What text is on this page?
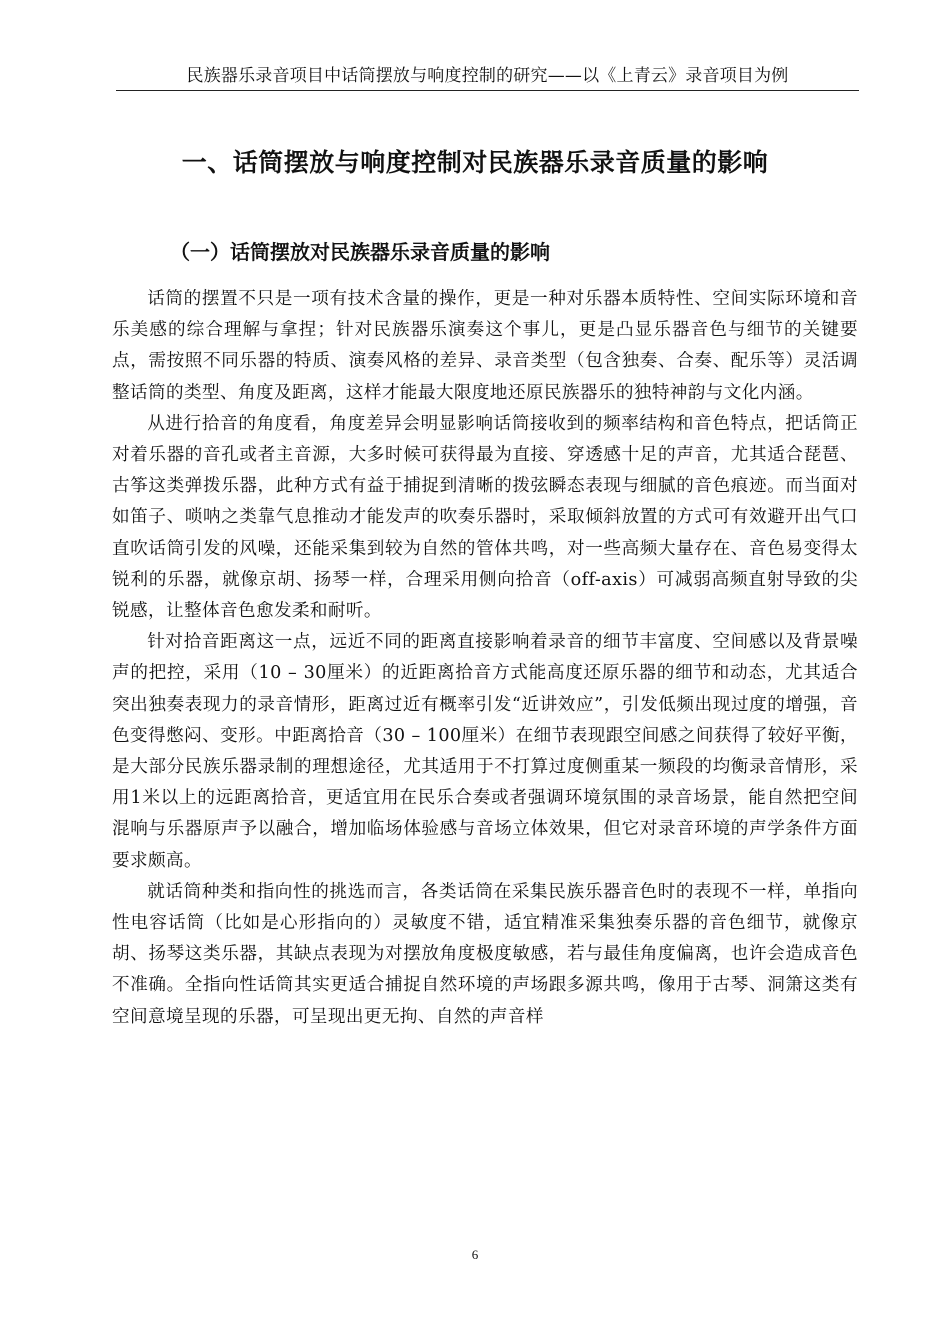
民族器乐录音项目中话筒摆放与响度控制的研究——以《上青云》录音项目为例
一、话筒摆放与响度控制对民族器乐录音质量的影响
（一）话筒摆放对民族器乐录音质量的影响

话筒的摆置不只是一项有技术含量的操作，更是一种对乐器本质特性、空间实际环境和音乐美感的综合理解与拿捏；针对民族器乐演奏这个事儿，更是凸显乐器音色与细节的关键要点，需按照不同乐器的特质、演奏风格的差异、录音类型（包含独奏、合奏、配乐等）灵活调整话筒的类型、角度及距离，这样才能最大限度地还原民族器乐的独特神韵与文化内涵。

从进行拾音的角度看，角度差异会明显影响话筒接收到的频率结构和音色特点，把话筒正对着乐器的音孔或者主音源，大多时候可获得最为直接、穿透感十足的声音，尤其适合琵琶、古筝这类弹拨乐器，此种方式有益于捕捉到清晰的拨弦瞬态表现与细腻的音色痕迹。而当面对如笛子、唢呐之类靠气息推动才能发声的吹奏乐器时，采取倾斜放置的方式可有效避开出气口直吹话筒引发的风噪，还能采集到较为自然的管体共鸣，对一些高频大量存在、音色易变得太锐利的乐器，就像京胡、扬琴一样，合理采用侧向拾音（off-axis）可减弱高频直射导致的尖锐感，让整体音色愈发柔和耐听。

针对拾音距离这一点，远近不同的距离直接影响着录音的细节丰富度、空间感以及背景噪声的把控，采用（10 – 30厘米）的近距离拾音方式能高度还原乐器的细节和动态，尤其适合突出独奏表现力的录音情形，距离过近有概率引发“近讲效应”，引发低频出现过度的增强，音色变得憋闷、变形。中距离拾音（30 – 100厘米）在细节表现跟空间感之间获得了较好平衡，是大部分民族乐器录制的理想途径，尤其适用于不打算过度侧重某一频段的均衡录音情形，采用1米以上的远距离拾音，更适宜用在民乐合奏或者强调环境氛围的录音场景，能自然把空间混响与乐器原声予以融合，增加临场体验感与音场立体效果，但它对录音环境的声学条件方面要求颇高。

就话筒种类和指向性的挑选而言，各类话筒在采集民族乐器音色时的表现不一样，单指向性电容话筒（比如是心形指向的）灵敏度不错，适宜精准采集独奏乐器的音色细节，就像京胡、扬琴这类乐器，其缺点表现为对摆放角度极度敏感，若与最佳角度偏离，也许会造成音色不准确。全指向性话筒其实更适合捕捉自然环境的声场跟多源共鸣，像用于古琴、洞箫这类有空间意境呈现的乐器，可呈现出更无拘、自然的声音样

6
